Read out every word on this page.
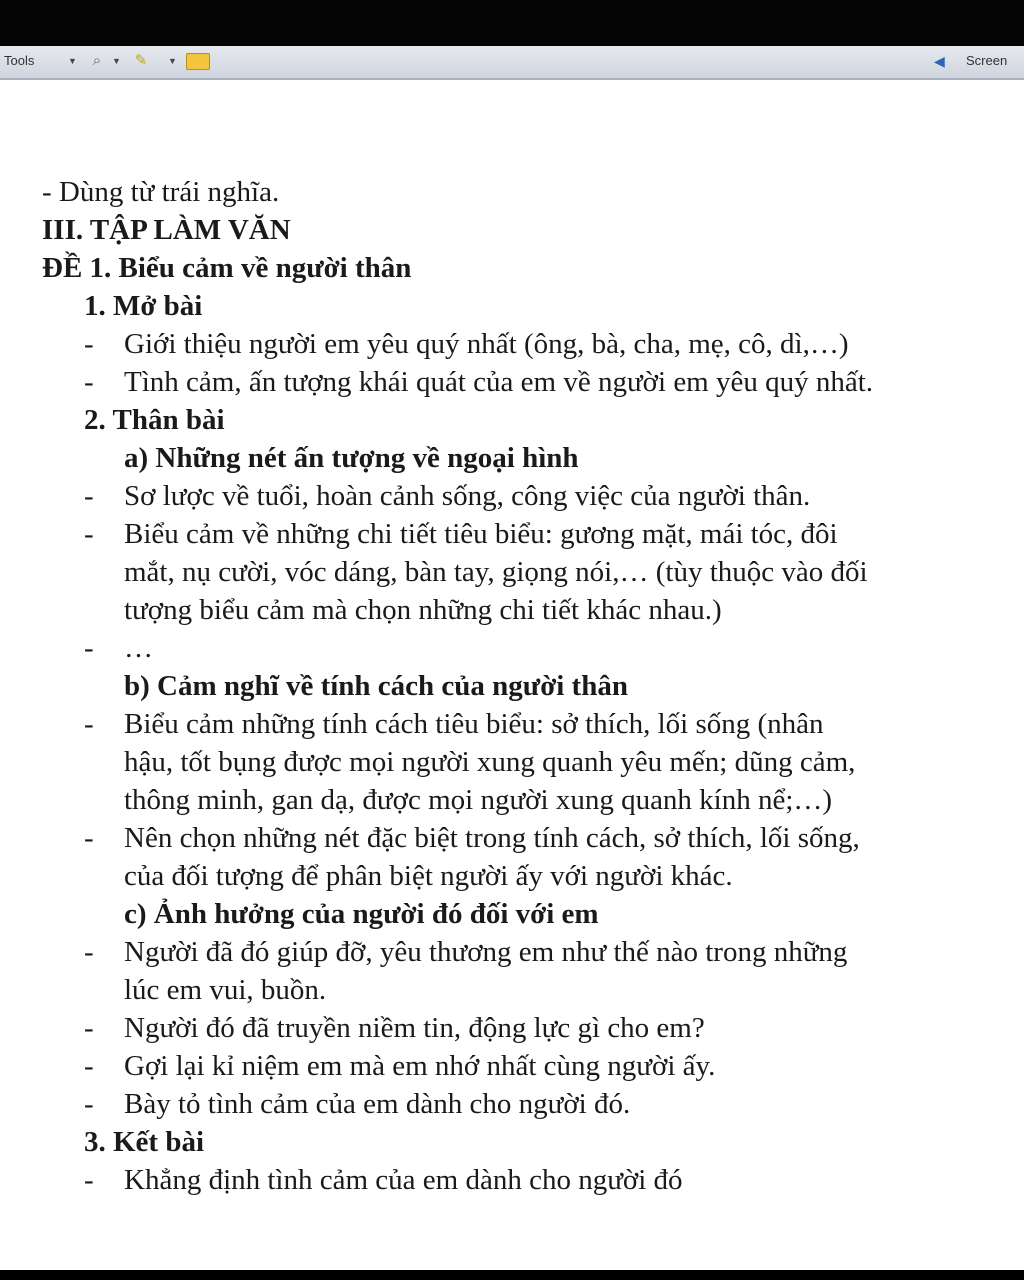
Tools	▼	⌕	▼ ✎	▼	◀ Screen
- Dùng từ trái nghĩa.
III. TẬP LÀM VĂN
ĐỀ 1. Biểu cảm về người thân
1. Mở bài
- Giới thiệu người em yêu quý nhất (ông, bà, cha, mẹ, cô, dì,…)
- Tình cảm, ấn tượng khái quát của em về người em yêu quý nhất.
2. Thân bài
a) Những nét ấn tượng về ngoại hình
- Sơ lược về tuổi, hoàn cảnh sống, công việc của người thân.
- Biểu cảm về những chi tiết tiêu biểu: gương mặt, mái tóc, đôi
mắt, nụ cười, vóc dáng, bàn tay, giọng nói,… (tùy thuộc vào đối
tượng biểu cảm mà chọn những chi tiết khác nhau.)
- …
b) Cảm nghĩ về tính cách của người thân
- Biểu cảm những tính cách tiêu biểu: sở thích, lối sống (nhân
hậu, tốt bụng được mọi người xung quanh yêu mến; dũng cảm,
thông minh, gan dạ, được mọi người xung quanh kính nể;…)
- Nên chọn những nét đặc biệt trong tính cách, sở thích, lối sống,
của đối tượng để phân biệt người ấy với người khác.
c) Ảnh hưởng của người đó đối với em
- Người đã đó giúp đỡ, yêu thương em như thế nào trong những
lúc em vui, buồn.
- Người đó đã truyền niềm tin, động lực gì cho em?
- Gợi lại kỉ niệm em mà em nhớ nhất cùng người ấy.
- Bày tỏ tình cảm của em dành cho người đó.
3. Kết bài
- Khẳng định tình cảm của em dành cho người đó
